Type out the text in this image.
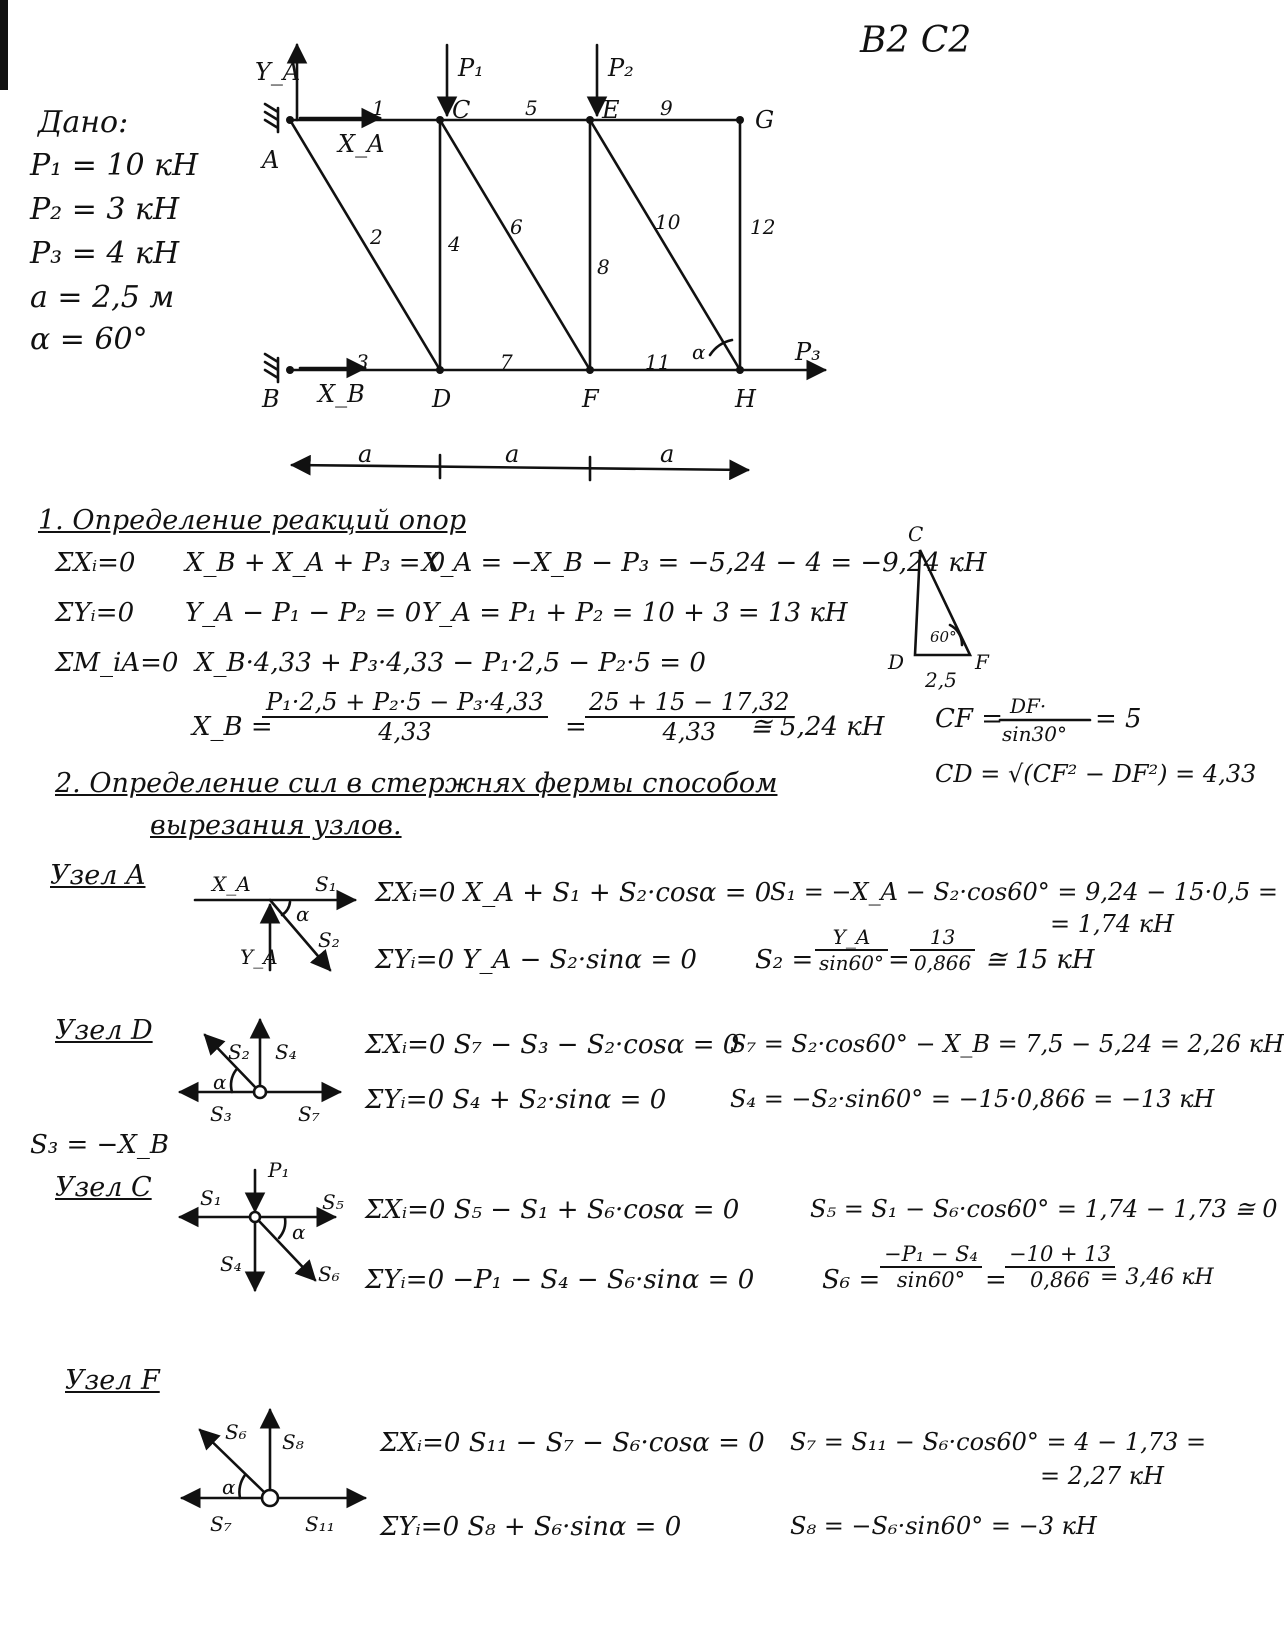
B2 C2
Дано:
P₁ = 10 кН
P₂ = 3 кН
P₃ = 4 кН
a = 2,5 м
α = 60°
A
B
C
D
E
F
G
H
1
2
3
4
5
6
7
8
9
10
11
12
P₁	P₂
P₃
Y_A
X_A
X_B
α
a	a	a
C
D	F
60°
2,5
CF = DF·
sin30° = 5
CD = √(CF² − DF²) = 4,33
1. Определение реакций опор
ΣXᵢ=0 X_B + X_A + P₃ = 0
X_A = −X_B − P₃ = −5,24 − 4 = −9,24 кН
ΣYᵢ=0 Y_A − P₁ − P₂ = 0 Y_A = P₁ + P₂ = 10 + 3 = 13 кН
ΣM_iA=0 X_B·4,33 + P₃·4,33 − P₁·2,5 − P₂·5 = 0
X_B =
$\frac{\text{P₁·2,5 + P₂·5 − P₃·4,33}}{4,33}$ =
$\frac{25 + 15 - 17,32}{4,33}$
≅ 5,24 кН
2. Определение сил в стержнях фермы способом
вырезания узлов.
Узел A	X_A	S₁
S₂
Y_A
α
ΣXᵢ=0 X_A + S₁ + S₂·cosα = 0
S₁ = −X_A − S₂·cos60° = 9,24 − 15·0,5 =
= 1,74 кН
ΣYᵢ=0 Y_A − S₂·sinα = 0 $S_2 = \frac{Y\_A}{\sin 60^\circ} = \frac{13}{0,866}$ ≅ 15 кН
Узел D
S₂ S₄
S₃	S₇
α
S₃ = −X_B
ΣXᵢ=0 S₇ − S₃ − S₂·cosα = 0
S₇ = S₂·cos60° − X_B = 7,5 − 5,24 = 2,26 кН
ΣYᵢ=0 S₄ + S₂·sinα = 0	S₄ = −S₂·sin60° = −15·0,866 = −13 кН
Узел C S₁
P₁
S₅
S₄	S₆
α
ΣXᵢ=0 S₅ − S₁ + S₆·cosα = 0	S₅ = S₁ − S₆·cos60° = 1,74 − 1,73 ≅ 0
ΣYᵢ=0 −P₁ − S₄ − S₆·sinα = 0	$S_6 = \frac{\text{−P₁ − S₄}}{\sin 60^\circ}$ =
$\frac{-10 + 13}{0,866}$
= 3,46 кН
Узел F
S₆ S₈
S₇	S₁₁
α
ΣXᵢ=0 S₁₁ − S₇ − S₆·cosα = 0 S₇ = S₁₁ − S₆·cos60° = 4 − 1,73 =
= 2,27 кН
ΣYᵢ=0 S₈ + S₆·sinα = 0	S₈ = −S₆·sin60° = −3 кН
